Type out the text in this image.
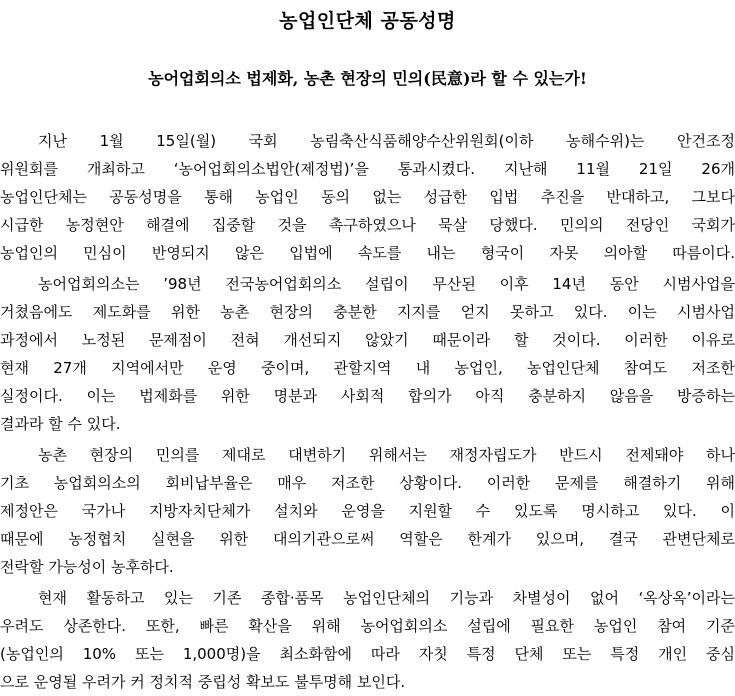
농업인단체 공동성명
농어업회의소 법제화, 농촌 현장의 민의(民意)라 할 수 있는가!
지난 1월 15일(월) 국회 농림축산식품해양수산위원회(이하 농해수위)는 안건조정
위원회를 개최하고 ‘농어업회의소법안(제정법)’을 통과시켰다. 지난해 11월 21일 26개
농업인단체는 공동성명을 통해 농업인 동의 없는 성급한 입법 추진을 반대하고, 그보다
시급한 농정현안 해결에 집중할 것을 촉구하였으나 묵살 당했다. 민의의 전당인 국회가
농업인의 민심이 반영되지 않은 입법에 속도를 내는 형국이 자못 의아할 따름이다.
농어업회의소는 ’98년 전국농어업회의소 설립이 무산된 이후 14년 동안 시범사업을
거쳤음에도 제도화를 위한 농촌 현장의 충분한 지지를 얻지 못하고 있다. 이는 시범사업
과정에서 노정된 문제점이 전혀 개선되지 않았기 때문이라 할 것이다. 이러한 이유로
현재 27개 지역에서만 운영 중이며, 관할지역 내 농업인, 농업인단체 참여도 저조한
실정이다. 이는 법제화를 위한 명분과 사회적 합의가 아직 충분하지 않음을 방증하는
결과라 할 수 있다.
농촌 현장의 민의를 제대로 대변하기 위해서는 재정자립도가 반드시 전제돼야 하나
기초 농업회의소의 회비납부율은 매우 저조한 상황이다. 이러한 문제를 해결하기 위해
제정안은 국가나 지방자치단체가 설치와 운영을 지원할 수 있도록 명시하고 있다. 이
때문에 농정협치 실현을 위한 대의기관으로써 역할은 한계가 있으며, 결국 관변단체로
전락할 가능성이 농후하다.
현재 활동하고 있는 기존 종합·품목 농업인단체의 기능과 차별성이 없어 ‘옥상옥’이라는
우려도 상존한다. 또한, 빠른 확산을 위해 농어업회의소 설립에 필요한 농업인 참여 기준
(농업인의 10% 또는 1,000명)을 최소화함에 따라 자칫 특정 단체 또는 특정 개인 중심
으로 운영될 우려가 커 정치적 중립성 확보도 불투명해 보인다.
